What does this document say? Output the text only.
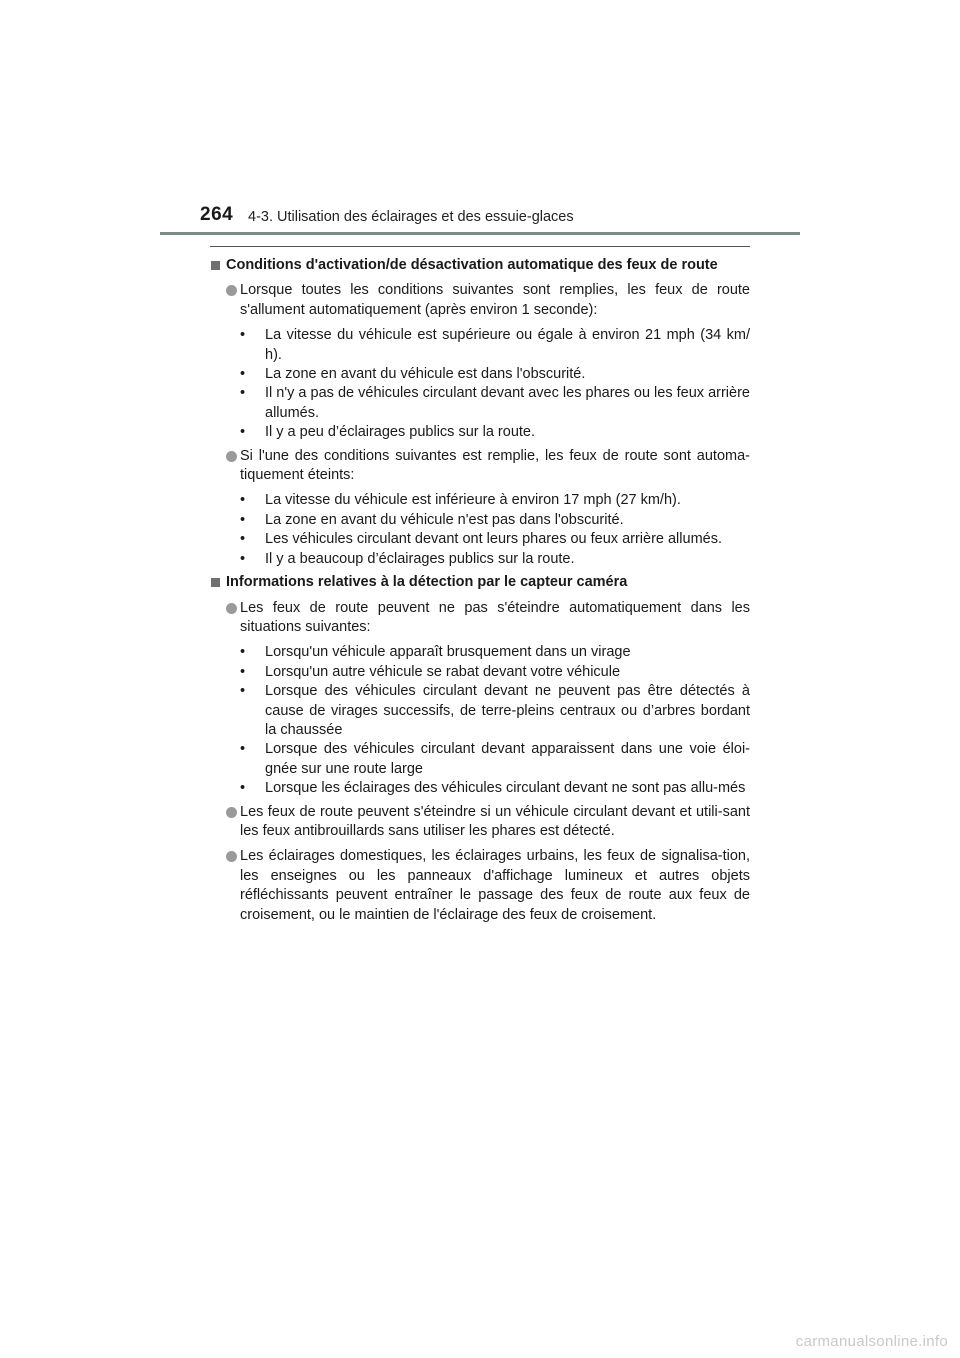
264 4-3. Utilisation des éclairages et des essuie-glaces
Conditions d'activation/de désactivation automatique des feux de route
Lorsque toutes les conditions suivantes sont remplies, les feux de route s'allument automatiquement (après environ 1 seconde):
•	La vitesse du véhicule est supérieure ou égale à environ 21 mph (34 km/ h).
•	La zone en avant du véhicule est dans l'obscurité.
•	Il n'y a pas de véhicules circulant devant avec les phares ou les feux arrière allumés.
•	Il y a peu d’éclairages publics sur la route.
Si l'une des conditions suivantes est remplie, les feux de route sont automa-tiquement éteints:
•	La vitesse du véhicule est inférieure à environ 17 mph (27 km/h).
•	La zone en avant du véhicule n'est pas dans l'obscurité.
•	Les véhicules circulant devant ont leurs phares ou feux arrière allumés.
•	Il y a beaucoup d’éclairages publics sur la route.
Informations relatives à la détection par le capteur caméra
Les feux de route peuvent ne pas s'éteindre automatiquement dans les situations suivantes:
•	Lorsqu'un véhicule apparaît brusquement dans un virage
•	Lorsqu'un autre véhicule se rabat devant votre véhicule
•	Lorsque des véhicules circulant devant ne peuvent pas être détectés à cause de virages successifs, de terre-pleins centraux ou d’arbres bordant la chaussée
•	Lorsque des véhicules circulant devant apparaissent dans une voie éloi-gnée sur une route large
•	Lorsque les éclairages des véhicules circulant devant ne sont pas allu-més
Les feux de route peuvent s'éteindre si un véhicule circulant devant et utili-sant les feux antibrouillards sans utiliser les phares est détecté.
Les éclairages domestiques, les éclairages urbains, les feux de signalisa-tion, les enseignes ou les panneaux d'affichage lumineux et autres objets réfléchissants peuvent entraîner le passage des feux de route aux feux de croisement, ou le maintien de l'éclairage des feux de croisement.
carmanualsonline.info
